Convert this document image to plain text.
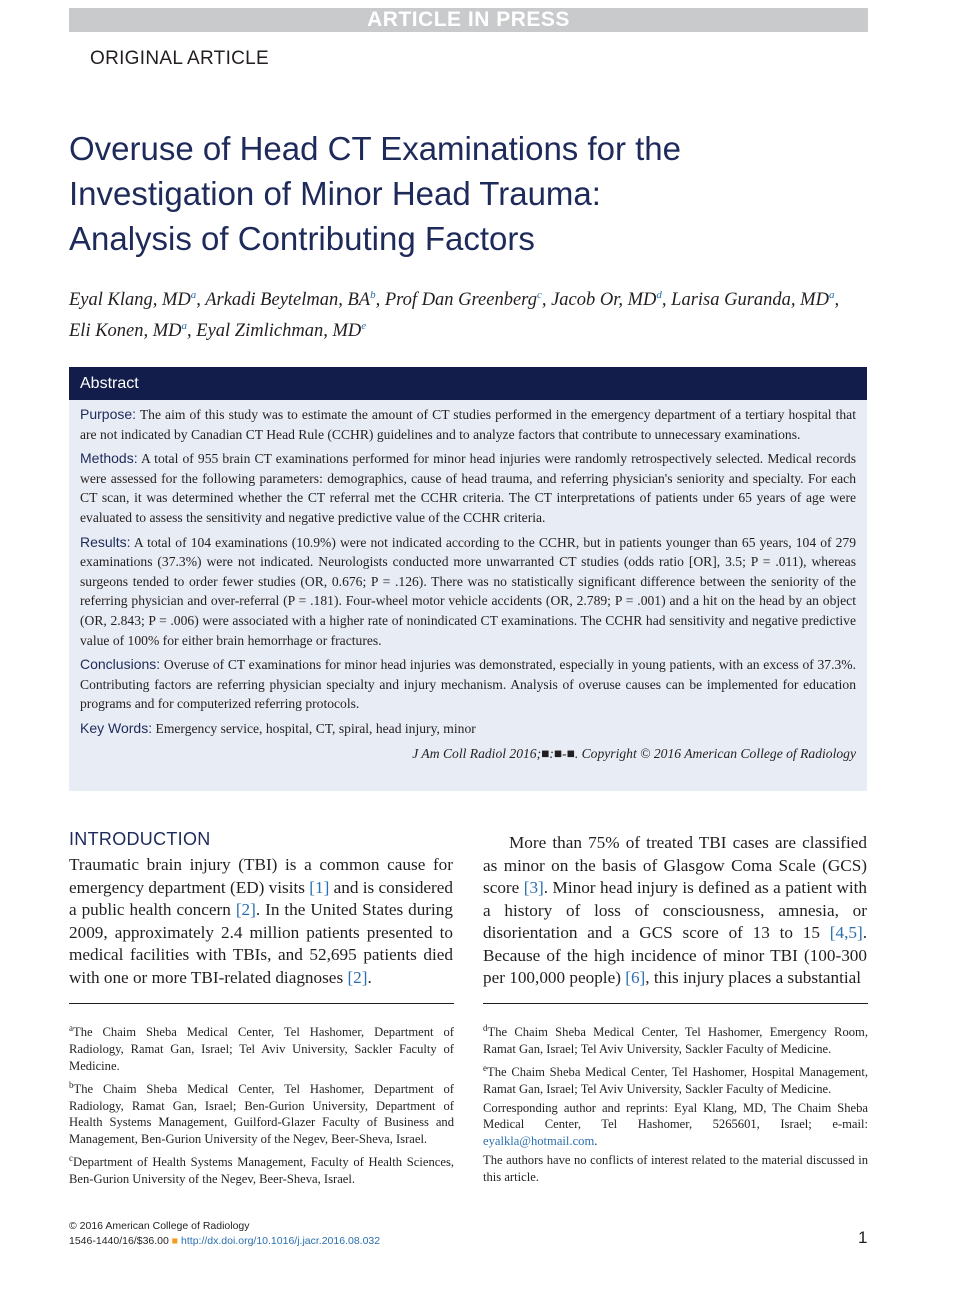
ARTICLE IN PRESS
ORIGINAL ARTICLE
Overuse of Head CT Examinations for the
Investigation of Minor Head Trauma:
Analysis of Contributing Factors
Eyal Klang, $MD^a$, Arkadi Beytelman, $BA^b$, Prof Dan Greenberg$^c$, Jacob Or, $MD^d$, Larisa Guranda, $MD^a$,
Eli Konen, $MD^a$, Eyal Zimlichman, MDe
Abstract

Purpose: The aim of this study was to estimate the amount of CT studies performed in the emergency department of a tertiary hospital that are not indicated by Canadian CT Head Rule (CCHR) guidelines and to analyze factors that contribute to unnecessary examinations.

Methods: A total of 955 brain CT examinations performed for minor head injuries were randomly retrospectively selected. Medical records were assessed for the following parameters: demographics, cause of head trauma, and referring physician's seniority and specialty. For each CT scan, it was determined whether the CT referral met the CCHR criteria. The CT interpretations of patients under 65 years of age were evaluated to assess the sensitivity and negative predictive value of the CCHR criteria.

Results: A total of 104 examinations (10.9%) were not indicated according to the CCHR, but in patients younger than 65 years, 104 of 279 examinations (37.3%) were not indicated. Neurologists conducted more unwarranted CT studies (odds ratio [OR], 3.5; P = .011), whereas surgeons tended to order fewer studies (OR, 0.676; P = .126). There was no statistically significant difference between the seniority of the referring physician and over-referral (P = .181). Four-wheel motor vehicle accidents (OR, 2.789; P = .001) and a hit on the head by an object (OR, 2.843; P = .006) were associated with a higher rate of nonindicated CT examinations. The CCHR had sensitivity and negative predictive value of 100% for either brain hemorrhage or fractures.

Conclusions: Overuse of CT examinations for minor head injuries was demonstrated, especially in young patients, with an excess of 37.3%. Contributing factors are referring physician specialty and injury mechanism. Analysis of overuse causes can be implemented for education programs and for computerized referring protocols.

Key Words: Emergency service, hospital, CT, spiral, head injury, minor

J Am Coll Radiol 2016;■:■-■. Copyright © 2016 American College of Radiology
INTRODUCTION

Traumatic brain injury (TBI) is a common cause for emergency department (ED) visits [1] and is considered a public health concern [2]. In the United States during 2009, approximately 2.4 million patients presented to medical facilities with TBIs, and 52,695 patients died with one or more TBI-related diagnoses [2].

More than 75% of treated TBI cases are classified as minor on the basis of Glasgow Coma Scale (GCS) score [3]. Minor head injury is defined as a patient with a history of loss of consciousness, amnesia, or disorientation and a GCS score of 13 to 15 [4,5]. Because of the high incidence of minor TBI (100-300 per 100,000 people) [6], this injury places a substantial

$^a$The Chaim Sheba Medical Center, Tel Hashomer, Department of Radiology, Ramat Gan, Israel; Tel Aviv University, Sackler Faculty of Medicine.

$^b$The Chaim Sheba Medical Center, Tel Hashomer, Department of Radiology, Ramat Gan, Israel; Ben-Gurion University, Department of Health Systems Management, Guilford-Glazer Faculty of Business and Management, Ben-Gurion University of the Negev, Beer-Sheva, Israel.

$^c$Department of Health Systems Management, Faculty of Health Sciences, Ben-Gurion University of the Negev, Beer-Sheva, Israel.

$^d$The Chaim Sheba Medical Center, Tel Hashomer, Emergency Room, Ramat Gan, Israel; Tel Aviv University, Sackler Faculty of Medicine.

$^e$The Chaim Sheba Medical Center, Tel Hashomer, Hospital Management, Ramat Gan, Israel; Tel Aviv University, Sackler Faculty of Medicine.

Corresponding author and reprints: Eyal Klang, MD, The Chaim Sheba Medical Center, Tel Hashomer, 5265601, Israel; e-mail: eyalkla@hotmail.com.

The authors have no conflicts of interest related to the material discussed in this article.

© 2016 American College of Radiology
1546-1440/16/$36.00 ■ http://dx.doi.org/10.1016/j.jacr.2016.08.032	1
